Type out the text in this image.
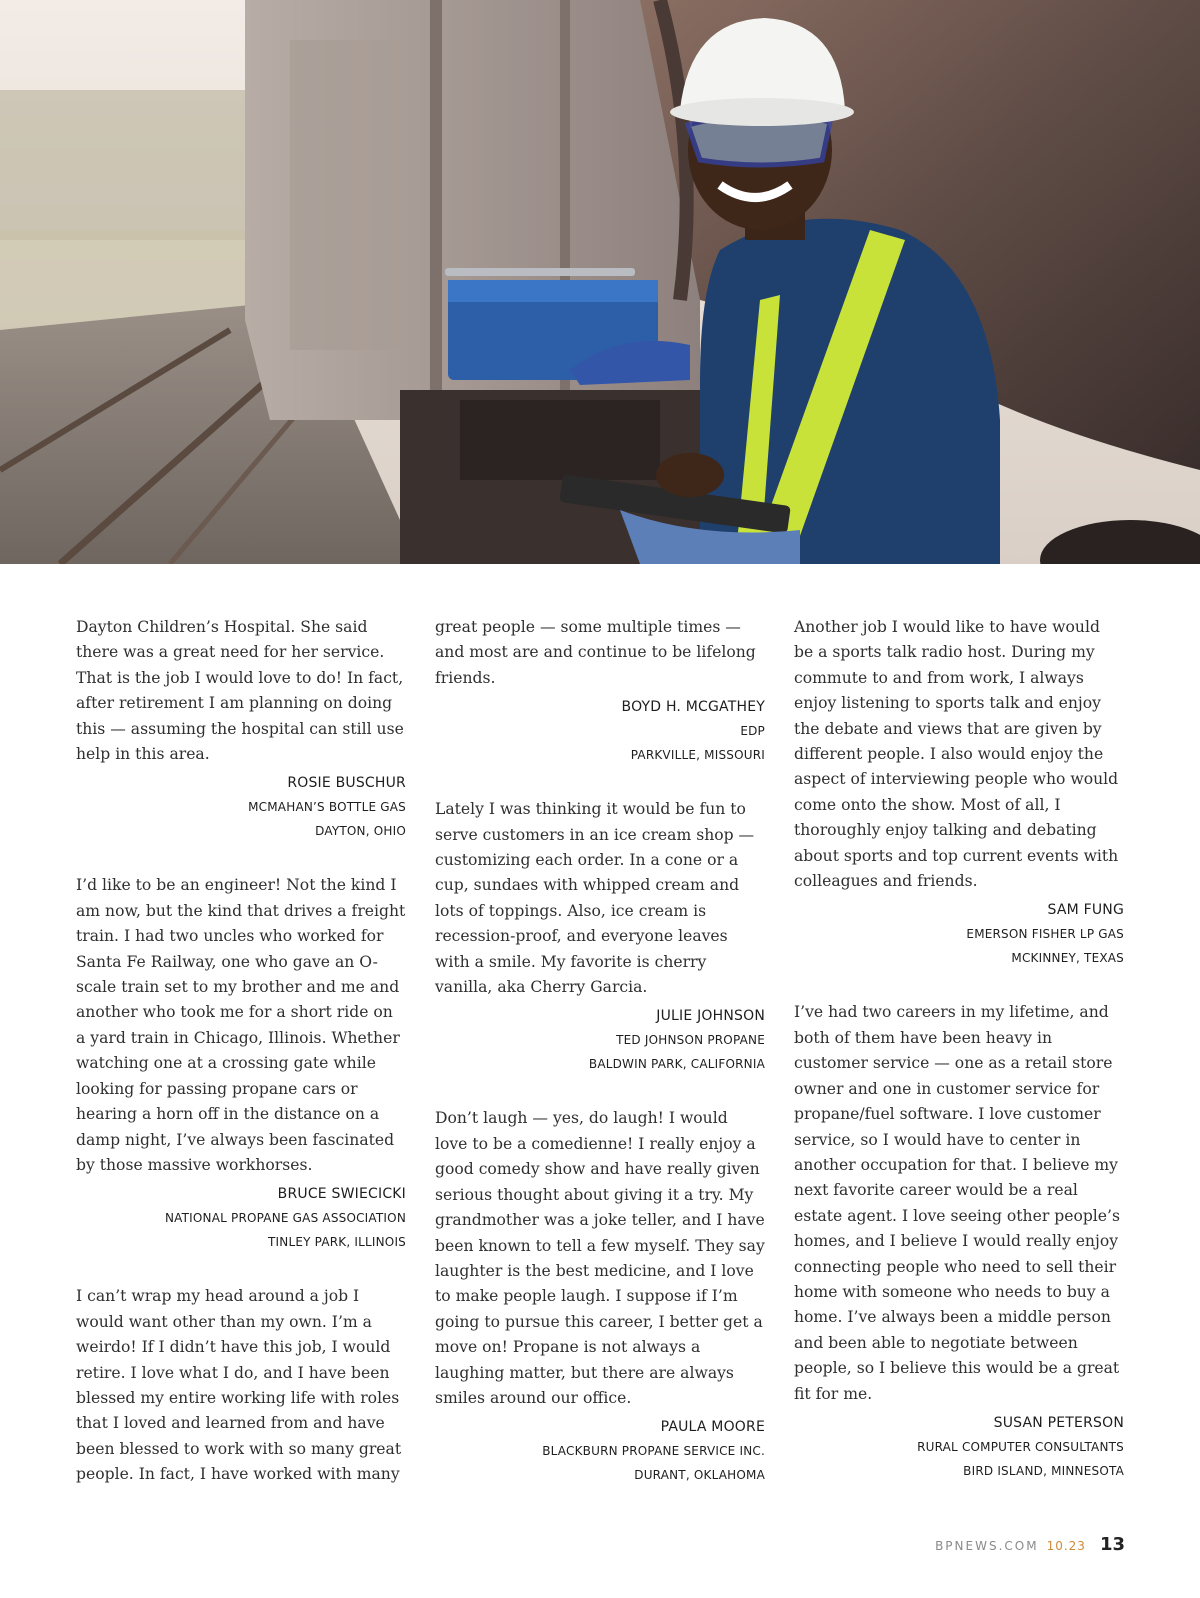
Dayton Children’s Hospital. She said there was a great need for her service. That is the job I would love to do! In fact, after retirement I am planning on doing this — assuming the hospital can still use help in this area.

ROSIE BUSCHUR
MCMAHAN’S BOTTLE GAS
DAYTON, OHIO

I’d like to be an engineer! Not the kind I am now, but the kind that drives a freight train. I had two uncles who worked for Santa Fe Railway, one who gave an O-scale train set to my brother and me and another who took me for a short ride on a yard train in Chicago, Illinois. Whether watching one at a crossing gate while looking for passing propane cars or hearing a horn off in the distance on a damp night, I’ve always been fascinated by those massive workhorses.

BRUCE SWIECICKI
NATIONAL PROPANE GAS ASSOCIATION
TINLEY PARK, ILLINOIS

I can’t wrap my head around a job I would want other than my own. I’m a weirdo! If I didn’t have this job, I would retire. I love what I do, and I have been blessed my entire working life with roles that I loved and learned from and have been blessed to work with so many great people. In fact, I have worked with many

great people — some multiple times — and most are and continue to be lifelong friends.

BOYD H. MCGATHEY
EDP
PARKVILLE, MISSOURI

Lately I was thinking it would be fun to serve customers in an ice cream shop — customizing each order. In a cone or a cup, sundaes with whipped cream and lots of toppings. Also, ice cream is recession-proof, and everyone leaves with a smile. My favorite is cherry vanilla, aka Cherry Garcia.

JULIE JOHNSON
TED JOHNSON PROPANE
BALDWIN PARK, CALIFORNIA

Don’t laugh — yes, do laugh! I would love to be a comedienne! I really enjoy a good comedy show and have really given serious thought about giving it a try. My grandmother was a joke teller, and I have been known to tell a few myself. They say laughter is the best medicine, and I love to make people laugh. I suppose if I’m going to pursue this career, I better get a move on! Propane is not always a laughing matter, but there are always smiles around our office.

PAULA MOORE
BLACKBURN PROPANE SERVICE INC.
DURANT, OKLAHOMA

Another job I would like to have would be a sports talk radio host. During my commute to and from work, I always enjoy listening to sports talk and enjoy the debate and views that are given by different people. I also would enjoy the aspect of interviewing people who would come onto the show. Most of all, I thoroughly enjoy talking and debating about sports and top current events with colleagues and friends.

SAM FUNG
EMERSON FISHER LP GAS
MCKINNEY, TEXAS

I’ve had two careers in my lifetime, and both of them have been heavy in customer service — one as a retail store owner and one in customer service for propane/fuel software. I love customer service, so I would have to center in another occupation for that. I believe my next favorite career would be a real estate agent. I love seeing other people’s homes, and I believe I would really enjoy connecting people who need to sell their home with someone who needs to buy a home. I’ve always been a middle person and been able to negotiate between people, so I believe this would be a great fit for me.

SUSAN PETERSON
RURAL COMPUTER CONSULTANTS
BIRD ISLAND, MINNESOTA
BPNEWS.COM 10.23 13
